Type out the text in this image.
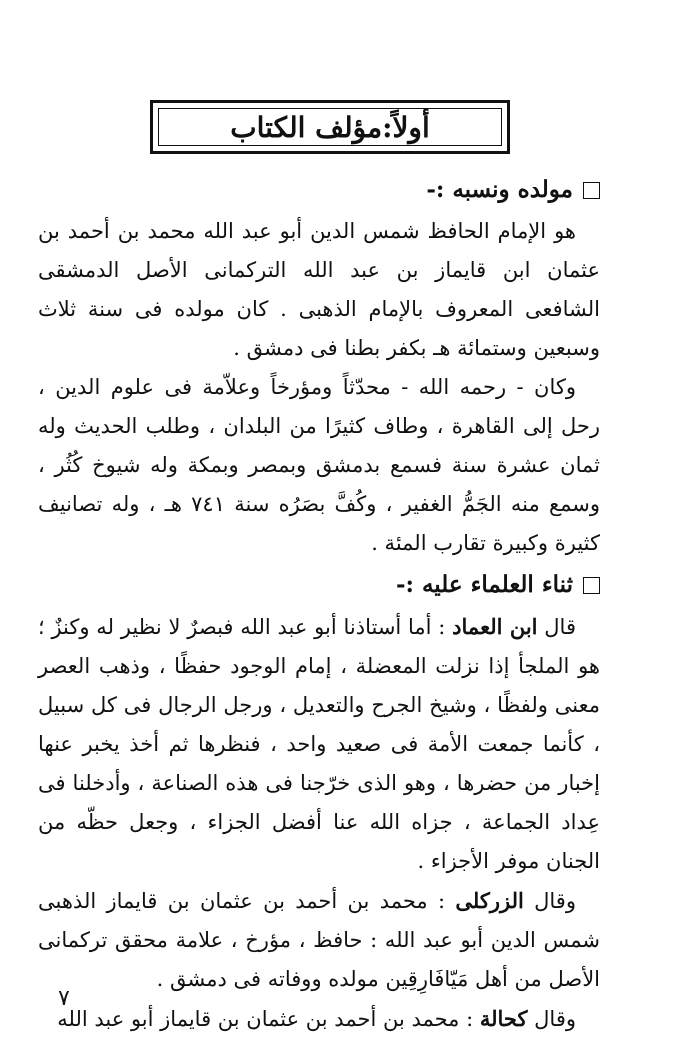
أولاً:مؤلف الكتاب
مولده ونسبه :-

هو الإمام الحافظ شمس الدين أبو عبد الله محمد بن أحمد بن عثمان ابن قايماز بن عبد الله التركمانى الأصل الدمشقى الشافعى المعروف بالإمام الذهبى . كان مولده فى سنة ثلاث وسبعين وستمائة هـ بكفر بطنا فى دمشق .

وكان - رحمه الله - محدّثاً ومؤرخاً وعلاّمة فى علوم الدين ، رحل إلى القاهرة ، وطاف كثيرًا من البلدان ، وطلب الحديث وله ثمان عشرة سنة فسمع بدمشق وبمصر وبمكة وله شيوخ كُثُر ، وسمع منه الجَمُّ الغفير ، وكُفَّ بصَرُه سنة ٧٤١ هـ ، وله تصانيف كثيرة وكبيرة تقارب المئة .

ثناء العلماء عليه :-

قال ابن العماد : أما أستاذنا أبو عبد الله فبصرٌ لا نظير له وكنزٌ ؛ هو الملجأ إذا نزلت المعضلة ، إمام الوجود حفظًا ، وذهب العصر معنى ولفظًا ، وشيخ الجرح والتعديل ، ورجل الرجال فى كل سبيل ، كأنما جمعت الأمة فى صعيد واحد ، فنظرها ثم أخذ يخبر عنها إخبار من حضرها ، وهو الذى خرّجنا فى هذه الصناعة ، وأدخلنا فى عِداد الجماعة ، جزاه الله عنا أفضل الجزاء ، وجعل حظّه من الجنان موفر الأجزاء .

وقال الزركلى : محمد بن أحمد بن عثمان بن قايماز الذهبى شمس الدين أبو عبد الله : حافظ ، مؤرخ ، علامة محقق تركمانى الأصل من أهل مَيّافَارِقِين مولده ووفاته فى دمشق .

وقال كحالة : محمد بن أحمد بن عثمان بن قايماز أبو عبد الله

٧
